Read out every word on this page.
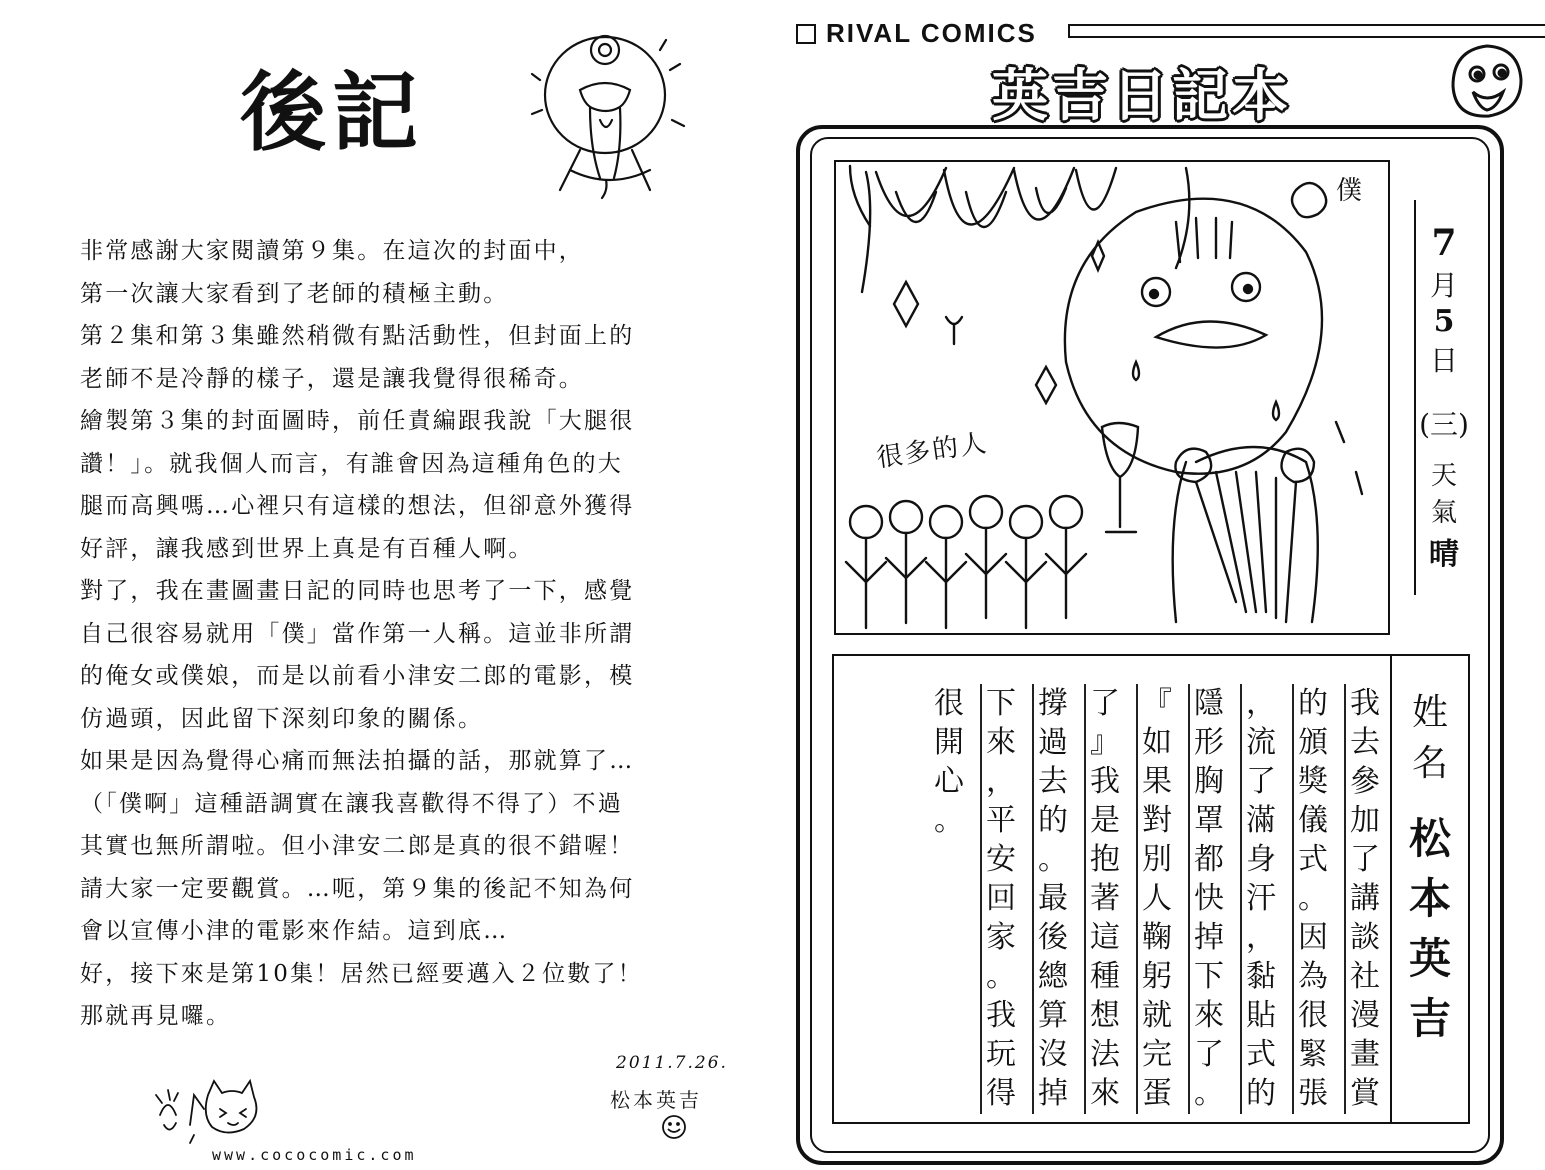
後記
非常感謝大家閱讀第９集。在這次的封面中，
第一次讓大家看到了老師的積極主動。
第２集和第３集雖然稍微有點活動性，但封面上的
老師不是冷靜的樣子，還是讓我覺得很稀奇。
繪製第３集的封面圖時，前任責編跟我說「大腿很
讚！」。就我個人而言，有誰會因為這種角色的大
腿而高興嗎…心裡只有這樣的想法，但卻意外獲得
好評，讓我感到世界上真是有百種人啊。
對了，我在畫圖畫日記的同時也思考了一下，感覺
自己很容易就用「僕」當作第一人稱。這並非所謂
的俺女或僕娘，而是以前看小津安二郎的電影，模
仿過頭，因此留下深刻印象的關係。
如果是因為覺得心痛而無法拍攝的話，那就算了…
（「僕啊」這種語調實在讓我喜歡得不得了）不過
其實也無所謂啦。但小津安二郎是真的很不錯喔！
請大家一定要觀賞。…呃，第９集的後記不知為何
會以宣傳小津的電影來作結。這到底…
好，接下來是第10集！居然已經要邁入２位數了！
那就再見囉。
2011.7.26.
松本英吉
www.cococomic.com
RIVAL COMICS
英吉日記本
僕
很多的人
7
月
5
日
(三)
天
氣
晴
姓
名
松
本
英
吉
我
去
參
加
了
講
談
社
漫
畫
賞
的
頒
獎
儀
式
。
因
為
很
緊
張
，
流
了
滿
身
汗
，
黏
貼
式
的
隱
形
胸
罩
都
快
掉
下
來
了
。
『
如
果
對
別
人
鞠
躬
就
完
蛋
了
』
我
是
抱
著
這
種
想
法
來
撐
過
去
的
。
最
後
總
算
沒
掉
下
來
，
平
安
回
家
。
我
玩
得
很
開
心
。
